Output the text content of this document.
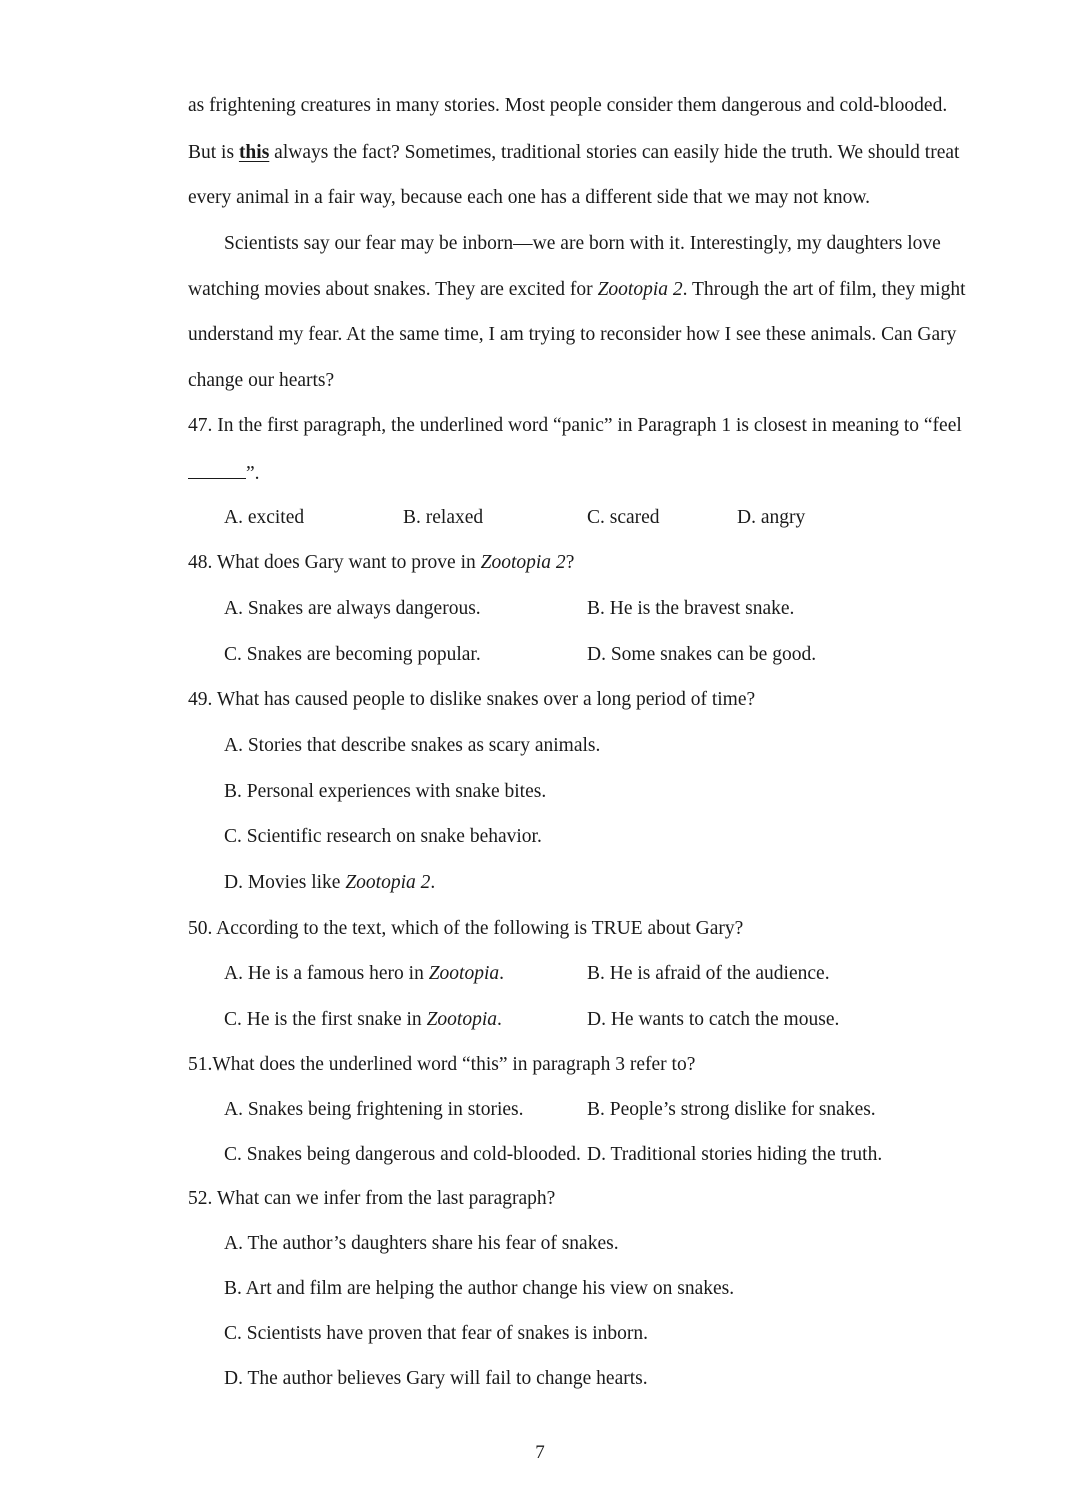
as frightening creatures in many stories. Most people consider them dangerous and cold-blooded.
But is this always the fact? Sometimes, traditional stories can easily hide the truth. We should treat
every animal in a fair way, because each one has a different side that we may not know.
Scientists say our fear may be inborn—we are born with it. Interestingly, my daughters love
watching movies about snakes. They are excited for Zootopia 2. Through the art of film, they might
understand my fear. At the same time, I am trying to reconsider how I see these animals. Can Gary
change our hearts?
47. In the first paragraph, the underlined word “panic” in Paragraph 1 is closest in meaning to “feel
”.
A. excited	B. relaxed	C. scared	D. angry
48. What does Gary want to prove in Zootopia 2?
A. Snakes are always dangerous.	B. He is the bravest snake.
C. Snakes are becoming popular.	D. Some snakes can be good.
49. What has caused people to dislike snakes over a long period of time?
A. Stories that describe snakes as scary animals.
B. Personal experiences with snake bites.
C. Scientific research on snake behavior.
D. Movies like Zootopia 2.
50. According to the text, which of the following is TRUE about Gary?
A. He is a famous hero in Zootopia.	B. He is afraid of the audience.
C. He is the first snake in Zootopia.	D. He wants to catch the mouse.
51.What does the underlined word “this” in paragraph 3 refer to?
A. Snakes being frightening in stories.	B. People’s strong dislike for snakes.
C. Snakes being dangerous and cold-blooded. D. Traditional stories hiding the truth.
52. What can we infer from the last paragraph?
A. The author’s daughters share his fear of snakes.
B. Art and film are helping the author change his view on snakes.
C. Scientists have proven that fear of snakes is inborn.
D. The author believes Gary will fail to change hearts.
7
